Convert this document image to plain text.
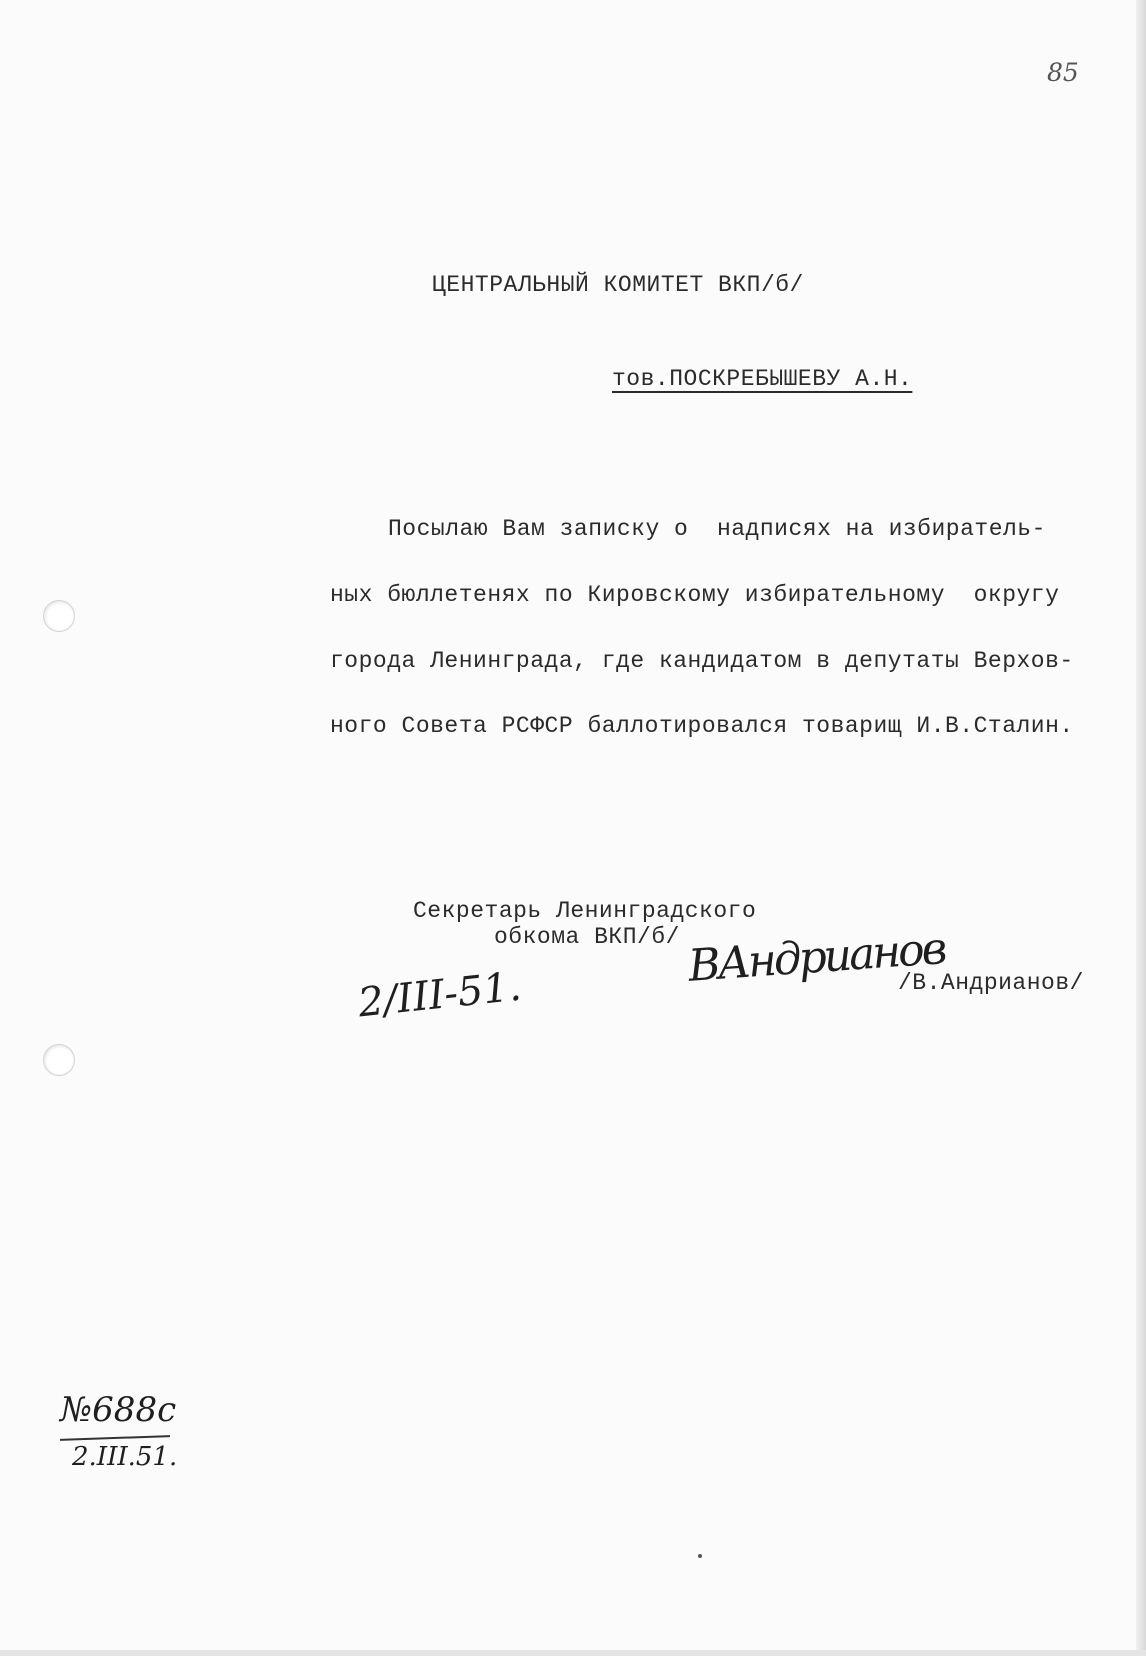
85
ЦЕНТРАЛЬНЫЙ КОМИТЕТ ВКП/б/
тов.ПОСКРЕБЫШЕВУ А.Н.
Посылаю Вам записку о  надписях на избиратель-
ных бюллетенях по Кировскому избирательному  округу
города Ленинграда, где кандидатом в депутаты Верхов-
ного Совета РСФСР баллотировался товарищ И.В.Сталин.
Секретарь Ленинградского
обкома ВКП/б/ ВАндрианов
/В.Андрианов/
2/III-51.
№688с
2.III.51.
